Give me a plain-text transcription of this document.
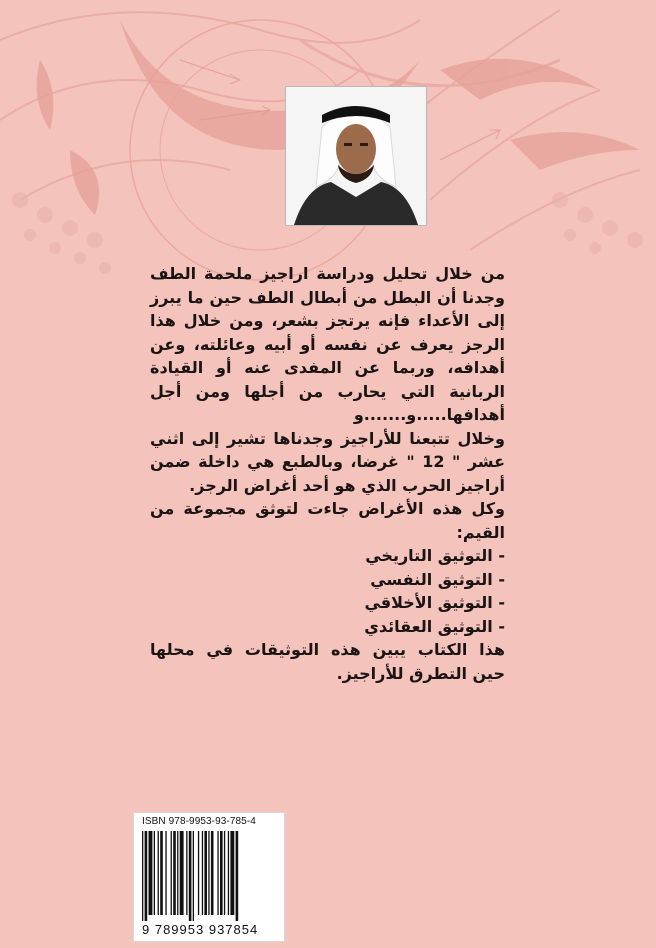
من خلال تحليل ودراسة اراجيز ملحمة الطف وجدنا أن البطل من أبطال الطف حين ما يبرز إلى الأعداء فإنه يرتجز بشعر، ومن خلال هذا الرجز يعرف عن نفسه أو أبيه وعائلته، وعن أهدافه، وربما عن المفدى عنه أو القيادة الربانية التي يحارب من أجلها ومن أجل أهدافها.....و.......و

وخلال تتبعنا للأراجيز وجدناها تشير إلى اثني عشر " 12 " غرضا، وبالطبع هي داخلة ضمن أراجيز الحرب الذي هو أحد أغراض الرجز.

وكل هذه الأغراض جاءت لتوثق مجموعة من القيم:

- التوثيق التاريخي
- التوثيق النفسي
- التوثيق الأخلاقي
- التوثيق العقائدي

هذا الكتاب يبين هذه التوثيقات في محلها حين التطرق للأراجيز.

ISBN 978-9953-93-785-4
9 789953 937854
